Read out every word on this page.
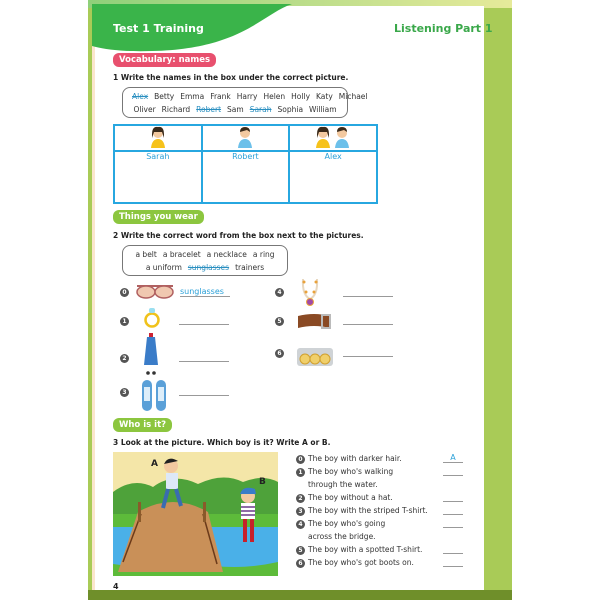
Test 1 Training	Listening Part 1
Vocabulary: names
1 Write the names in the box under the correct picture.
Alex Betty Emma Frank Harry Helen Holly Katy Michael
Oliver Richard Robert Sam Sarah Sophia William

Sarah	Robert	Alex
Things you wear
2 Write the correct word from the box next to the pictures.
a belt a bracelet a necklace a ring
a uniform sunglasses trainers
0	sunglasses
1
2
3
4
5
6
Who is it?
3 Look at the picture. Which boy is it? Write A or B.
A
B
0 The boy with darker hair.	A
1 The boy who's walking
through the water.
2 The boy without a hat.
3 The boy with the striped T-shirt.
4 The boy who's going
across the bridge.
5 The boy with a spotted T-shirt.
6 The boy who's got boots on.
4
